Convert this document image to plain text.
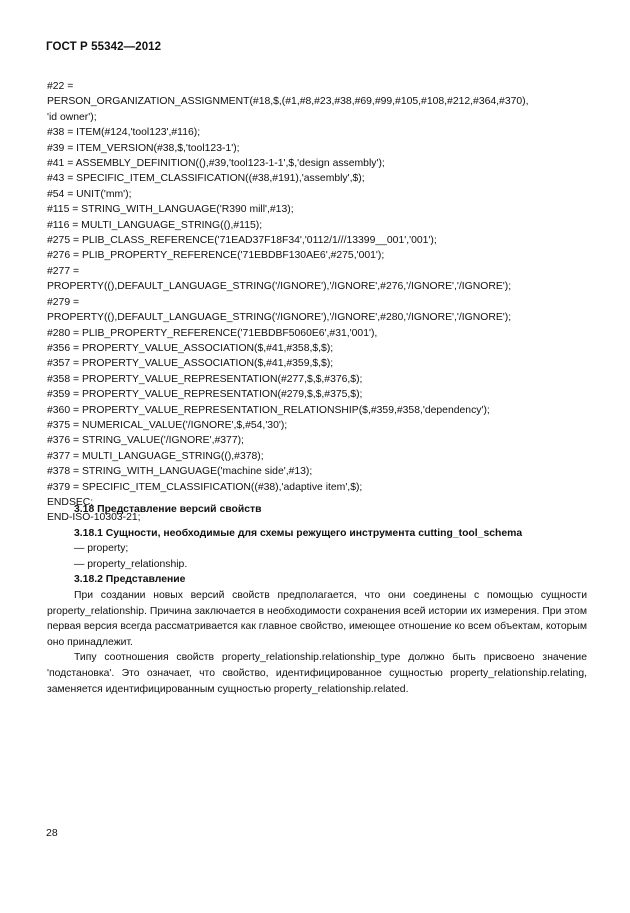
ГОСТ Р 55342—2012
#22 =
PERSON_ORGANIZATION_ASSIGNMENT(#18,$,(#1,#8,#23,#38,#69,#99,#105,#108,#212,#364,#370),
'id owner');
#38 = ITEM(#124,'tool123',#116);
#39 = ITEM_VERSION(#38,$,'tool123-1');
#41 = ASSEMBLY_DEFINITION((),#39,'tool123-1-1',$,'design assembly');
#43 = SPECIFIC_ITEM_CLASSIFICATION((#38,#191),'assembly',$);
#54 = UNIT('mm');
#115 = STRING_WITH_LANGUAGE('R390 mill',#13);
#116 = MULTI_LANGUAGE_STRING((),#115);
#275 = PLIB_CLASS_REFERENCE('71EAD37F18F34','0112/1///13399__001','001');
#276 = PLIB_PROPERTY_REFERENCE('71EBDBF130AE6',#275,'001');
#277 =
PROPERTY((),DEFAULT_LANGUAGE_STRING('/IGNORE'),'/IGNORE',#276,'/IGNORE','/IGNORE');
#279 =
PROPERTY((),DEFAULT_LANGUAGE_STRING('/IGNORE'),'/IGNORE',#280,'/IGNORE','/IGNORE');
#280 = PLIB_PROPERTY_REFERENCE('71EBDBF5060E6',#31,'001'),
#356 = PROPERTY_VALUE_ASSOCIATION($,#41,#358,$,$);
#357 = PROPERTY_VALUE_ASSOCIATION($,#41,#359,$,$);
#358 = PROPERTY_VALUE_REPRESENTATION(#277,$,$,#376,$);
#359 = PROPERTY_VALUE_REPRESENTATION(#279,$,$,#375,$);
#360 = PROPERTY_VALUE_REPRESENTATION_RELATIONSHIP($,#359,#358,'dependency');
#375 = NUMERICAL_VALUE('/IGNORE',$,#54,'30');
#376 = STRING_VALUE('/IGNORE',#377);
#377 = MULTI_LANGUAGE_STRING((),#378);
#378 = STRING_WITH_LANGUAGE('machine side',#13);
#379 = SPECIFIC_ITEM_CLASSIFICATION((#38),'adaptive item',$);
ENDSEC;
END-ISO-10303-21;
3.18 Представление версий свойств
3.18.1 Сущности, необходимые для схемы режущего инструмента cutting_tool_schema
— property;
— property_relationship.
3.18.2 Представление

При создании новых версий свойств предполагается, что они соединены с помощью сущности property_relationship. Причина заключается в необходимости сохранения всей истории их измерения. При этом первая версия всегда рассматривается как главное свойство, имеющее отношение ко всем объектам, которым оно принадлежит.

Типу соотношения свойств property_relationship.relationship_type должно быть присвоено значение 'подстановка'. Это означает, что свойство, идентифицированное сущностью property_relationship.relating, заменяется идентифицированным сущностью property_relationship.related.

28
